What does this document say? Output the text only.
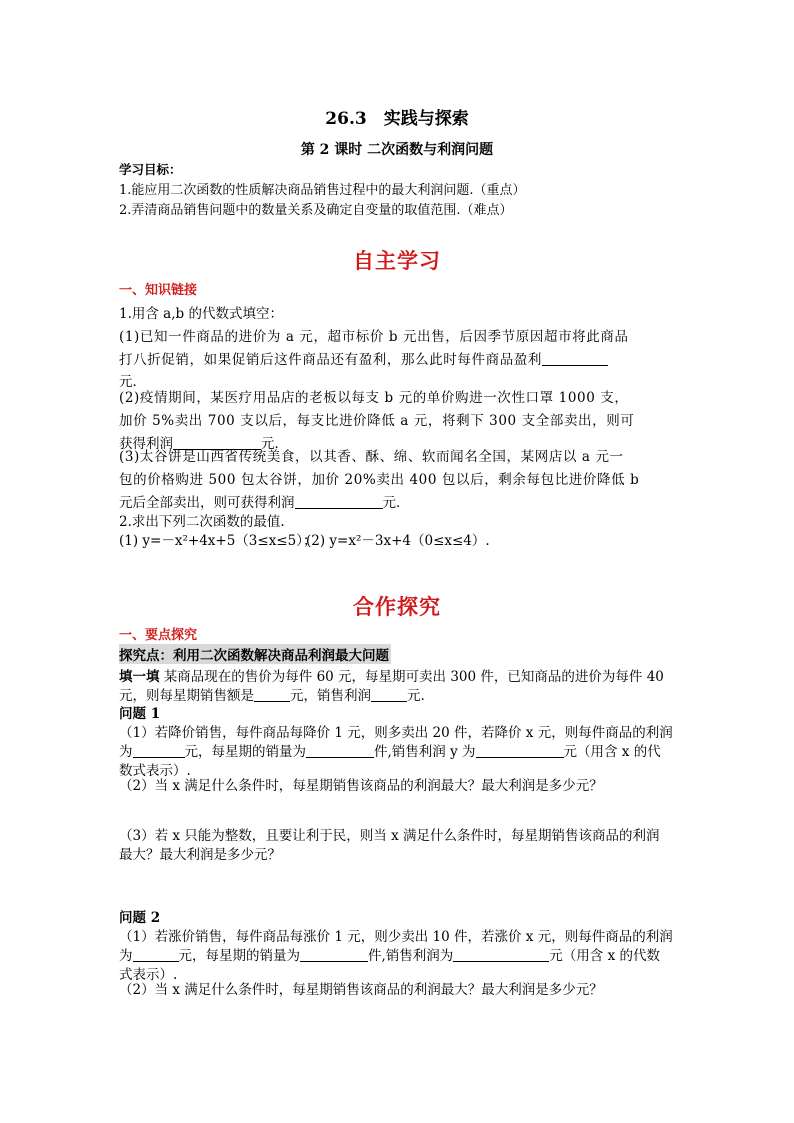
26.3　实践与探索
第 2 课时 二次函数与利润问题
学习目标：
1.能应用二次函数的性质解决商品销售过程中的最大利润问题.（重点）
2.弄清商品销售问题中的数量关系及确定自变量的取值范围.（难点）
自主学习
一、知识链接
1.用含 a,b 的代数式填空：
(1)已知一件商品的进价为 a 元，超市标价 b 元出售，后因季节原因超市将此商品
打八折促销，如果促销后这件商品还有盈利，那么此时每件商品盈利
元．
(2)疫情期间，某医疗用品店的老板以每支 b 元的单价购进一次性口罩 1000 支，
加价 5%卖出 700 支以后，每支比进价降低 a 元，将剩下 300 支全部卖出，则可
获得利润	元．
(3)太谷饼是山西省传统美食，以其香、酥、绵、软而闻名全国，某网店以 a 元一
包的价格购进 500 包太谷饼，加价 20%卖出 400 包以后，剩余每包比进价降低 b
元后全部卖出，则可获得利润	元．
2.求出下列二次函数的最值.
(1) y=－x²+4x+5（3≤x≤5）；
(2) y=x²－3x+4（0≤x≤4）.
合作探究
一、要点探究
探究点：利用二次函数解决商品利润最大问题
填一填 某商品现在的售价为每件 60 元，每星期可卖出 300 件，已知商品的进价为每件 40
元，则每星期销售额是	元，销售利润	元.
问题 1
（1）若降价销售，每件商品每降价 1 元，则多卖出 20 件，若降价 x 元，则每件商品的利润
为	元，每星期的销量为	件,销售利润 y 为	元（用含 x 的代
数式表示）.
（2）当 x 满足什么条件时，每星期销售该商品的利润最大？最大利润是多少元？
（3）若 x 只能为整数，且要让利于民，则当 x 满足什么条件时，每星期销售该商品的利润
最大？最大利润是多少元？
问题 2
（1）若涨价销售，每件商品每涨价 1 元，则少卖出 10 件，若涨价 x 元，则每件商品的利润
为	元，每星期的销量为	件,销售利润为	元（用含 x 的代数
式表示）.
（2）当 x 满足什么条件时，每星期销售该商品的利润最大？最大利润是多少元？
